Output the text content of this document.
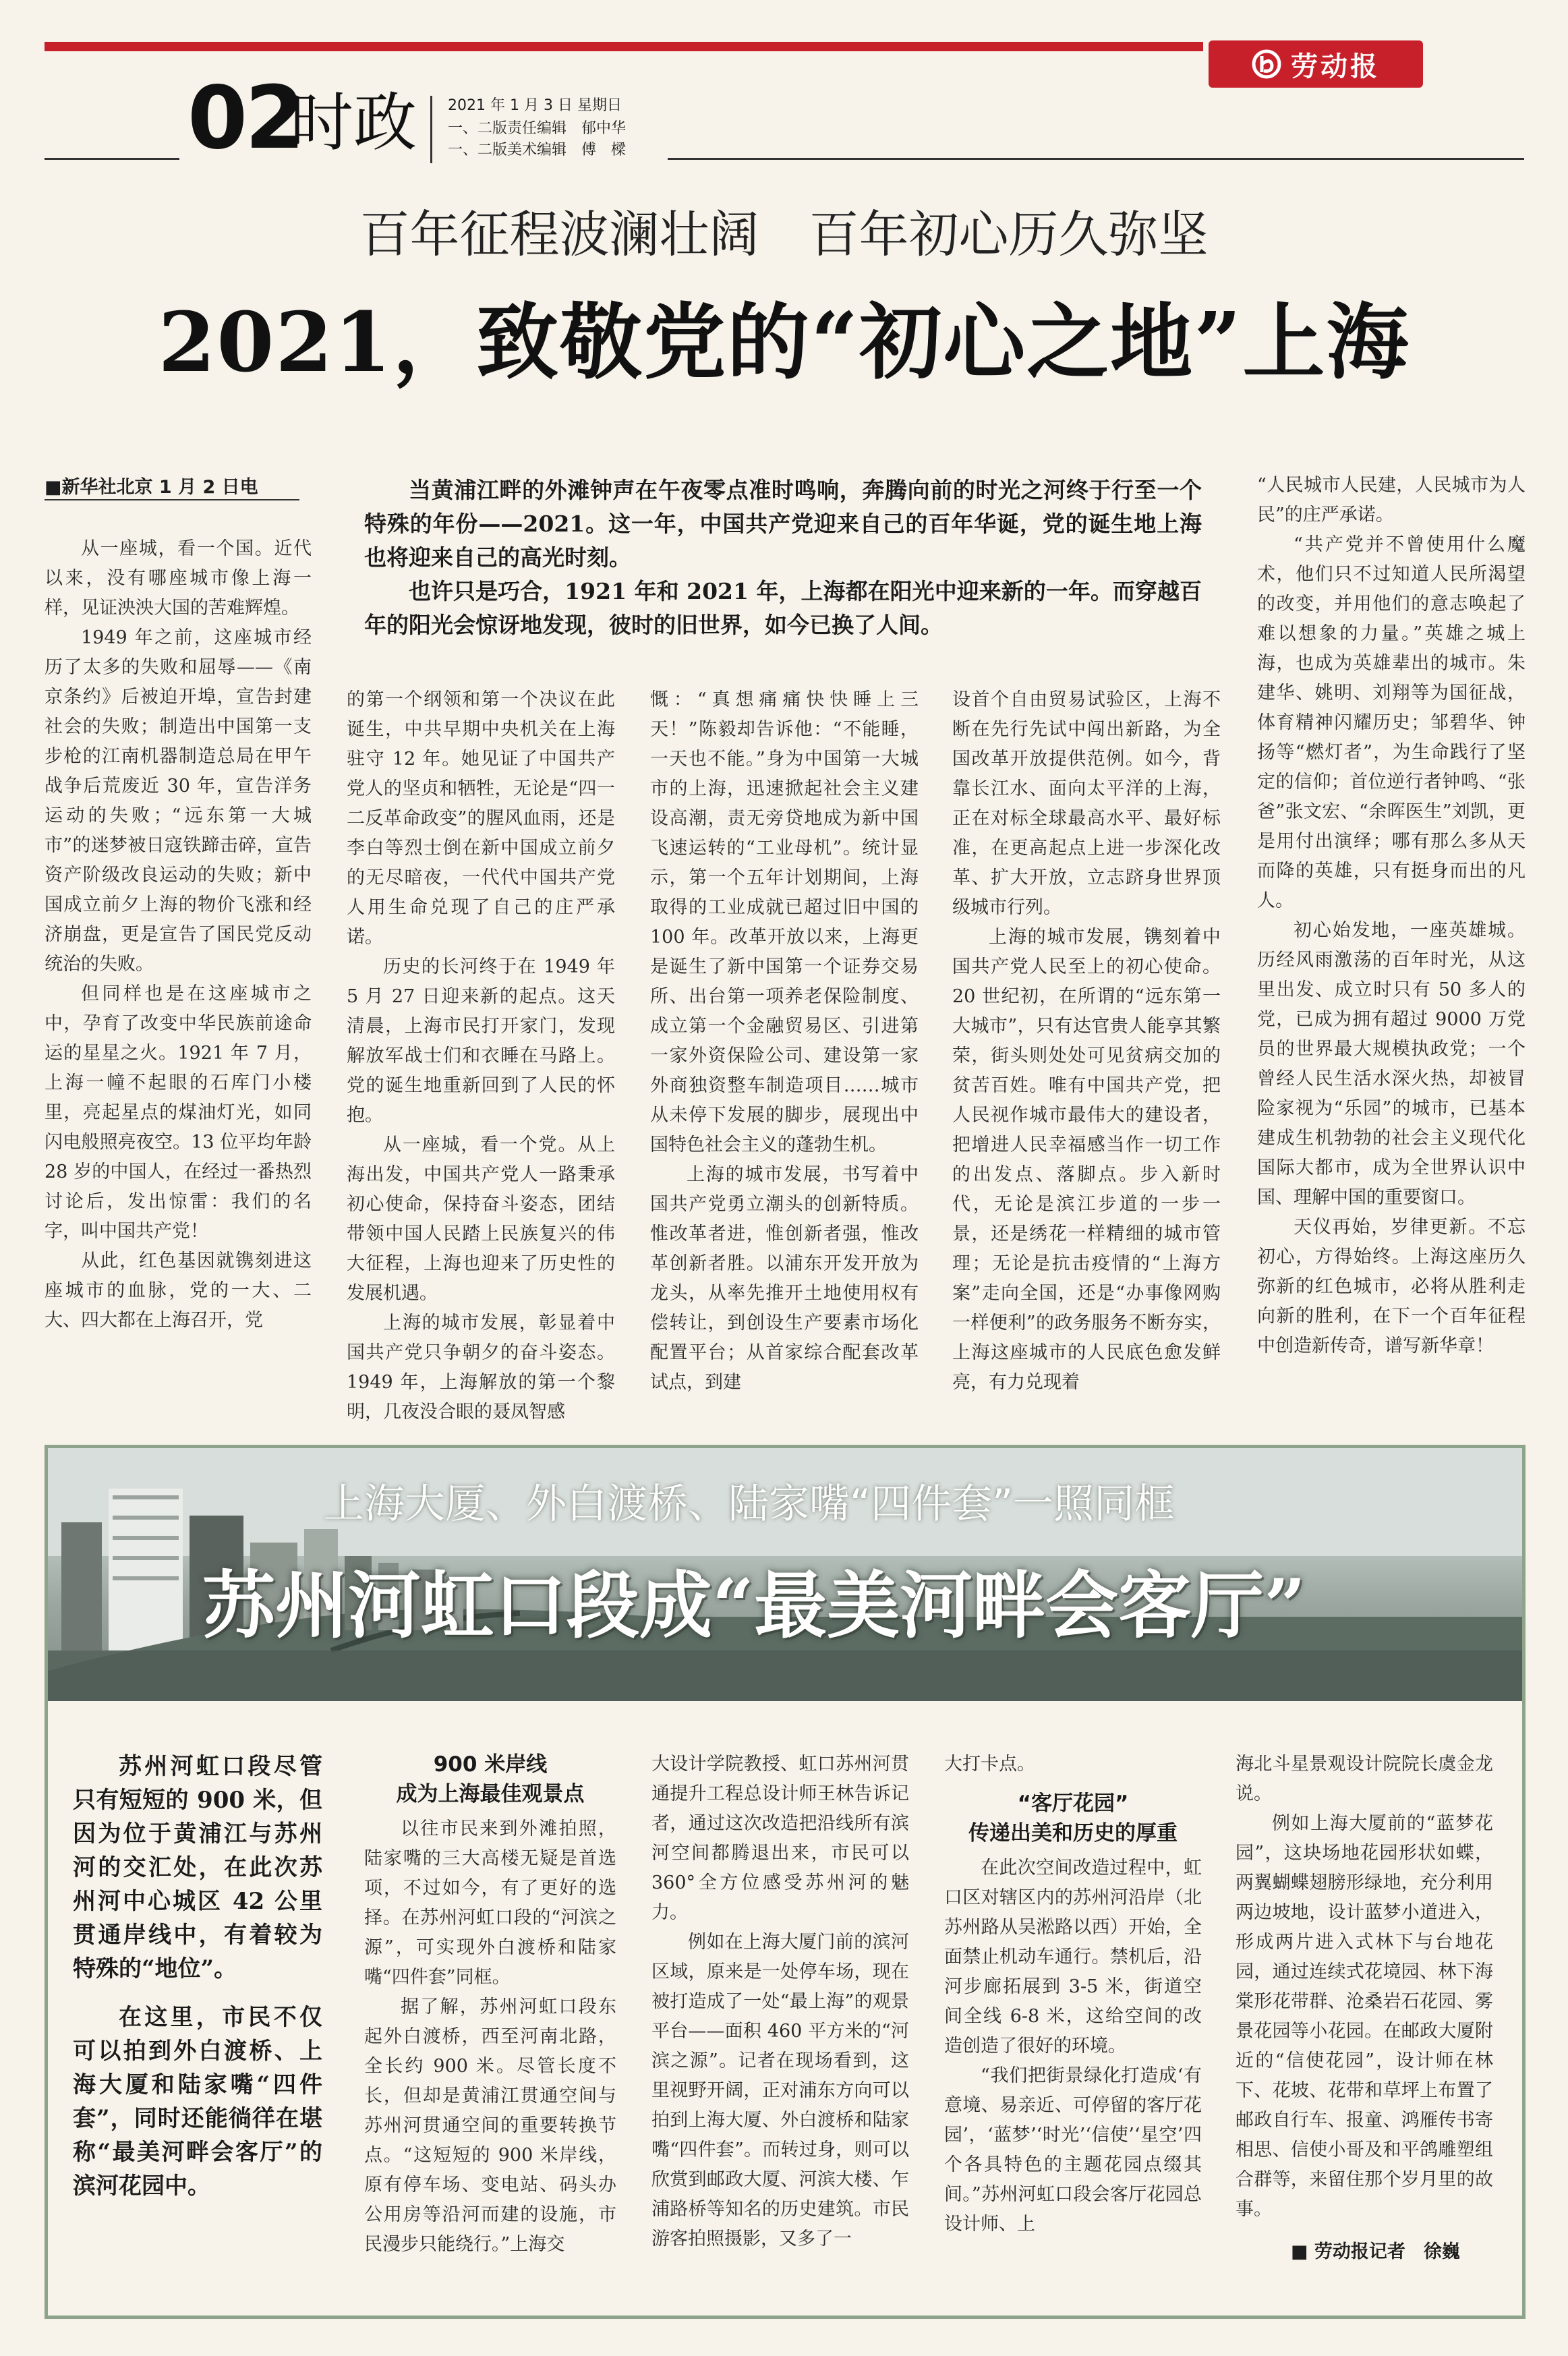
劳动报
02
时政 2021 年 1 月 3 日 星期日
一、二版责任编辑　郁中华
一、二版美术编辑　傅　樑
百年征程波澜壮阔　百年初心历久弥坚
2021，致敬党的“初心之地”上海
■新华社北京 1 月 2 日电	当黄浦江畔的外滩钟声在午夜零点准时鸣响，奔腾向前的时光之河终于行至一个特殊的年份——2021。这一年，中国共产党迎来自己的百年华诞，党的诞生地上海也将迎来自己的高光时刻。

也许只是巧合，1921 年和 2021 年，上海都在阳光中迎来新的一年。而穿越百年的阳光会惊讶地发现，彼时的旧世界，如今已换了人间。

从一座城，看一个国。近代以来，没有哪座城市像上海一样，见证泱泱大国的苦难辉煌。

1949 年之前，这座城市经历了太多的失败和屈辱——《南京条约》后被迫开埠，宣告封建社会的失败；制造出中国第一支步枪的江南机器制造总局在甲午战争后荒废近 30 年，宣告洋务运动的失败；“远东第一大城市”的迷梦被日寇铁蹄击碎，宣告资产阶级改良运动的失败；新中国成立前夕上海的物价飞涨和经济崩盘，更是宣告了国民党反动统治的失败。

但同样也是在这座城市之中，孕育了改变中华民族前途命运的星星之火。1921 年 7 月，上海一幢不起眼的石库门小楼里，亮起星点的煤油灯光，如同闪电般照亮夜空。13 位平均年龄 28 岁的中国人，在经过一番热烈讨论后，发出惊雷：我们的名字，叫中国共产党！

从此，红色基因就镌刻进这座城市的血脉，党的一大、二大、四大都在上海召开，党

的第一个纲领和第一个决议在此诞生，中共早期中央机关在上海驻守 12 年。她见证了中国共产党人的坚贞和牺牲，无论是“四一二反革命政变”的腥风血雨，还是李白等烈士倒在新中国成立前夕的无尽暗夜，一代代中国共产党人用生命兑现了自己的庄严承诺。

历史的长河终于在 1949 年 5 月 27 日迎来新的起点。这天清晨，上海市民打开家门，发现解放军战士们和衣睡在马路上。党的诞生地重新回到了人民的怀抱。

从一座城，看一个党。从上海出发，中国共产党人一路秉承初心使命，保持奋斗姿态，团结带领中国人民踏上民族复兴的伟大征程，上海也迎来了历史性的发展机遇。

上海的城市发展，彰显着中国共产党只争朝夕的奋斗姿态。1949 年，上海解放的第一个黎明，几夜没合眼的聂凤智感

慨：“真想痛痛快快睡上三天！”陈毅却告诉他：“不能睡，一天也不能。”身为中国第一大城市的上海，迅速掀起社会主义建设高潮，责无旁贷地成为新中国飞速运转的“工业母机”。统计显示，第一个五年计划期间，上海取得的工业成就已超过旧中国的 100 年。改革开放以来，上海更是诞生了新中国第一个证券交易所、出台第一项养老保险制度、成立第一个金融贸易区、引进第一家外资保险公司、建设第一家外商独资整车制造项目……城市从未停下发展的脚步，展现出中国特色社会主义的蓬勃生机。

上海的城市发展，书写着中国共产党勇立潮头的创新特质。惟改革者进，惟创新者强，惟改革创新者胜。以浦东开发开放为龙头，从率先推开土地使用权有偿转让，到创设生产要素市场化配置平台；从首家综合配套改革试点，到建

设首个自由贸易试验区，上海不断在先行先试中闯出新路，为全国改革开放提供范例。如今，背靠长江水、面向太平洋的上海，正在对标全球最高水平、最好标准，在更高起点上进一步深化改革、扩大开放，立志跻身世界顶级城市行列。

上海的城市发展，镌刻着中国共产党人民至上的初心使命。20 世纪初，在所谓的“远东第一大城市”，只有达官贵人能享其繁荣，街头则处处可见贫病交加的贫苦百姓。唯有中国共产党，把人民视作城市最伟大的建设者，把增进人民幸福感当作一切工作的出发点、落脚点。步入新时代，无论是滨江步道的一步一景，还是绣花一样精细的城市管理；无论是抗击疫情的“上海方案”走向全国，还是“办事像网购一样便利”的政务服务不断夯实，上海这座城市的人民底色愈发鲜亮，有力兑现着

“人民城市人民建，人民城市为人民”的庄严承诺。

“共产党并不曾使用什么魔术，他们只不过知道人民所渴望的改变，并用他们的意志唤起了难以想象的力量。”英雄之城上海，也成为英雄辈出的城市。朱建华、姚明、刘翔等为国征战，体育精神闪耀历史；邹碧华、钟扬等“燃灯者”，为生命践行了坚定的信仰；首位逆行者钟鸣、“张爸”张文宏、“余晖医生”刘凯，更是用付出演绎；哪有那么多从天而降的英雄，只有挺身而出的凡人。

初心始发地，一座英雄城。历经风雨激荡的百年时光，从这里出发、成立时只有 50 多人的党，已成为拥有超过 9000 万党员的世界最大规模执政党；一个曾经人民生活水深火热，却被冒险家视为“乐园”的城市，已基本建成生机勃勃的社会主义现代化国际大都市，成为全世界认识中国、理解中国的重要窗口。

天仪再始，岁律更新。不忘初心，方得始终。上海这座历久弥新的红色城市，必将从胜利走向新的胜利，在下一个百年征程中创造新传奇，谱写新华章！

上海大厦、外白渡桥、陆家嘴“四件套”一照同框
苏州河虹口段成“最美河畔会客厅”

苏州河虹口段尽管只有短短的 900 米，但因为位于黄浦江与苏州河的交汇处，在此次苏州河中心城区 42 公里贯通岸线中，有着较为特殊的“地位”。

在这里，市民不仅可以拍到外白渡桥、上海大厦和陆家嘴“四件套”，同时还能徜徉在堪称“最美河畔会客厅”的滨河花园中。

900 米岸线
成为上海最佳观景点

以往市民来到外滩拍照，陆家嘴的三大高楼无疑是首选项，不过如今，有了更好的选择。在苏州河虹口段的“河滨之源”，可实现外白渡桥和陆家嘴“四件套”同框。

据了解，苏州河虹口段东起外白渡桥，西至河南北路，全长约 900 米。尽管长度不长，但却是黄浦江贯通空间与苏州河贯通空间的重要转换节点。“这短短的 900 米岸线，原有停车场、变电站、码头办公用房等沿河而建的设施，市民漫步只能绕行。”上海交

大设计学院教授、虹口苏州河贯通提升工程总设计师王林告诉记者，通过这次改造把沿线所有滨河空间都腾退出来，市民可以 360°全方位感受苏州河的魅力。

例如在上海大厦门前的滨河区域，原来是一处停车场，现在被打造成了一处“最上海”的观景平台——面积 460 平方米的“河滨之源”。记者在现场看到，这里视野开阔，正对浦东方向可以拍到上海大厦、外白渡桥和陆家嘴“四件套”。而转过身，则可以欣赏到邮政大厦、河滨大楼、乍浦路桥等知名的历史建筑。市民游客拍照摄影，又多了一

大打卡点。

“客厅花园”
传递出美和历史的厚重

在此次空间改造过程中，虹口区对辖区内的苏州河沿岸（北苏州路从吴淞路以西）开始，全面禁止机动车通行。禁机后，沿河步廊拓展到 3-5 米，街道空间全线 6-8 米，这给空间的改造创造了很好的环境。

“我们把街景绿化打造成‘有意境、易亲近、可停留的客厅花园’，‘蓝梦’‘时光’‘信使’‘星空’四个各具特色的主题花园点缀其间。”苏州河虹口段会客厅花园总设计师、上

海北斗星景观设计院院长虞金龙说。

例如上海大厦前的“蓝梦花园”，这块场地花园形状如蝶，两翼蝴蝶翅膀形绿地，充分利用两边坡地，设计蓝梦小道进入，形成两片进入式林下与台地花园，通过连续式花境园、林下海棠形花带群、沧桑岩石花园、雾景花园等小花园。在邮政大厦附近的“信使花园”，设计师在林下、花坡、花带和草坪上布置了邮政自行车、报童、鸿雁传书寄相思、信使小哥及和平鸽雕塑组合群等，来留住那个岁月里的故事。

■ 劳动报记者　徐巍
